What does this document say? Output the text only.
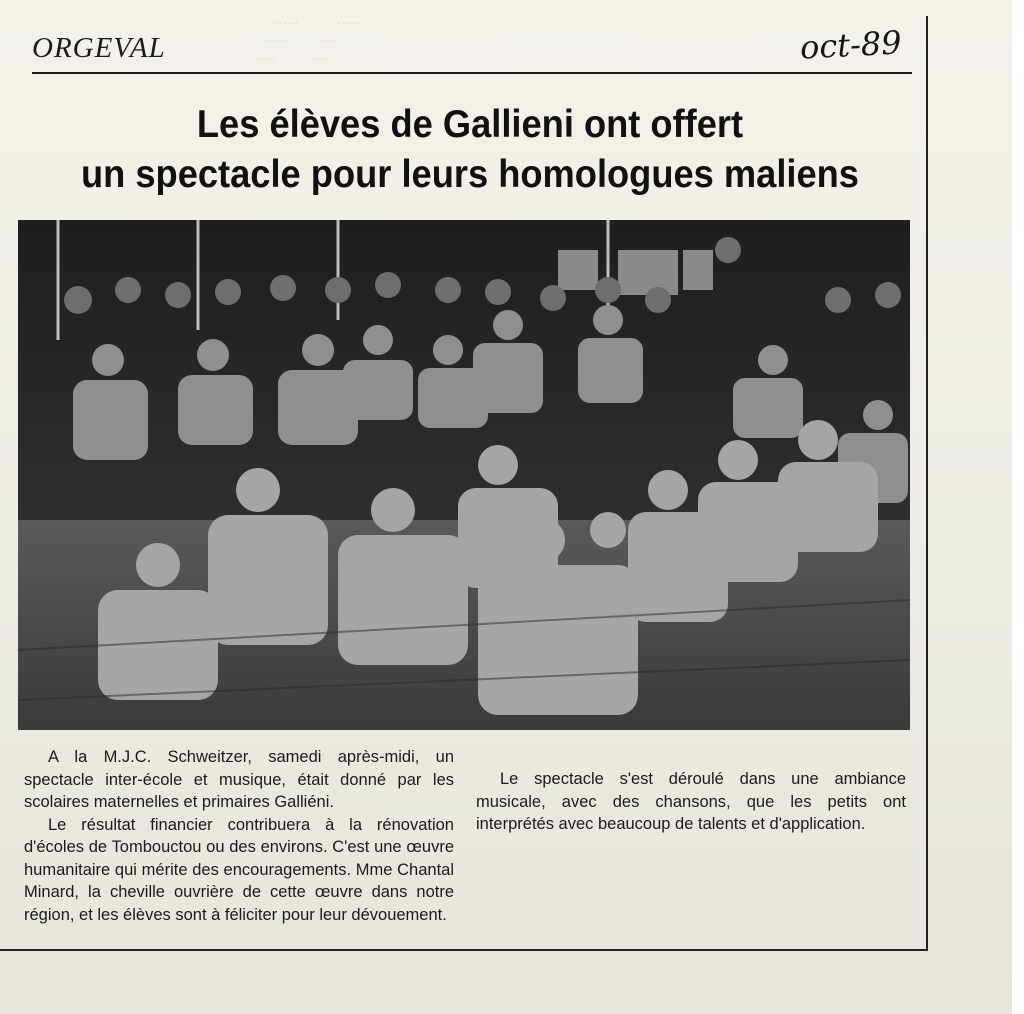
......          ......
......        ......
......         ......
ORGEVAL	oct-89
Les élèves de Gallieni ont offert
un spectacle pour leurs homologues maliens

A la M.J.C. Schweitzer, samedi après-midi, un spectacle inter-école et musique, était donné par les scolaires maternelles et primaires Galliéni.

Le résultat financier contribuera à la rénovation d'écoles de Tombouctou ou des environs. C'est une œuvre humanitaire qui mérite des encouragements. Mme Chantal Minard, la cheville ouvrière de cette œuvre dans notre région, et les élèves sont à féliciter pour leur dévouement.

Le spectacle s'est déroulé dans une ambiance musicale, avec des chansons, que les petits ont interprétés avec beaucoup de talents et d'application.
